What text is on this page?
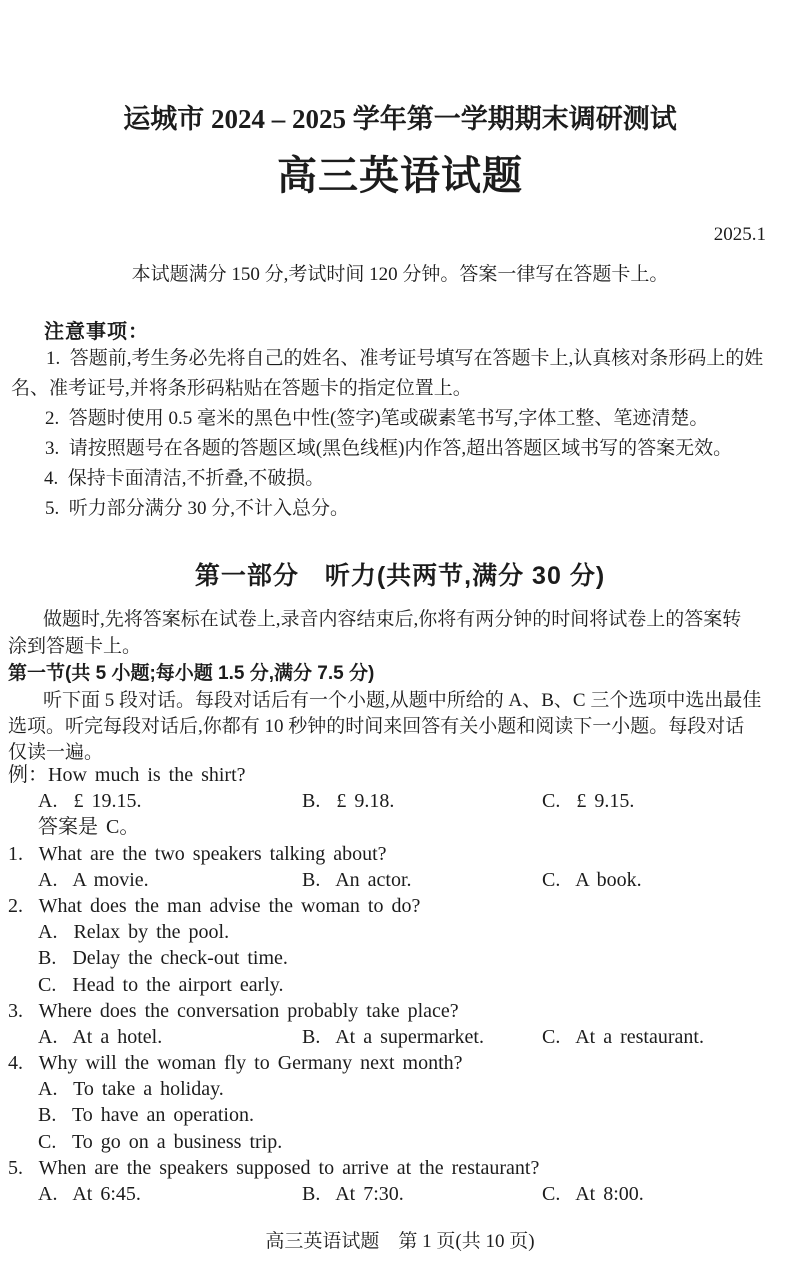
运城市 2024 – 2025 学年第一学期期末调研测试
高三英语试题
2025.1
本试题满分 150 分,考试时间 120 分钟。答案一律写在答题卡上。
注意事项：
1.  答题前,考生务必先将自己的姓名、准考证号填写在答题卡上,认真核对条形码上的姓
名、准考证号,并将条形码粘贴在答题卡的指定位置上。
2.  答题时使用 0.5 毫米的黑色中性(签字)笔或碳素笔书写,字体工整、笔迹清楚。
3.  请按照题号在各题的答题区域(黑色线框)内作答,超出答题区域书写的答案无效。
4.  保持卡面清洁,不折叠,不破损。
5.  听力部分满分 30 分,不计入总分。
第一部分　听力(共两节,满分 30 分)
做题时,先将答案标在试卷上,录音内容结束后,你将有两分钟的时间将试卷上的答案转
涂到答题卡上。
第一节(共 5 小题;每小题 1.5 分,满分 7.5 分)
听下面 5 段对话。每段对话后有一个小题,从题中所给的 A、B、C 三个选项中选出最佳
选项。听完每段对话后,你都有 10 秒钟的时间来回答有关小题和阅读下一小题。每段对话
仅读一遍。
例：How much is the shirt?
A.  £ 19.15.	B.  £ 9.18.	C.  £ 9.15.
答案是 C。
1.  What are the two speakers talking about?
A.  A movie.	B.  An actor.	C.  A book.
2.  What does the man advise the woman to do?
A.  Relax by the pool.
B.  Delay the check-out time.
C.  Head to the airport early.
3.  Where does the conversation probably take place?
A.  At a hotel.	B.  At a supermarket.	C.  At a restaurant.
4.  Why will the woman fly to Germany next month?
A.  To take a holiday.
B.  To have an operation.
C.  To go on a business trip.
5.  When are the speakers supposed to arrive at the restaurant?
A.  At 6:45.	B.  At 7:30.	C.  At 8:00.
高三英语试题　第 1 页(共 10 页)
